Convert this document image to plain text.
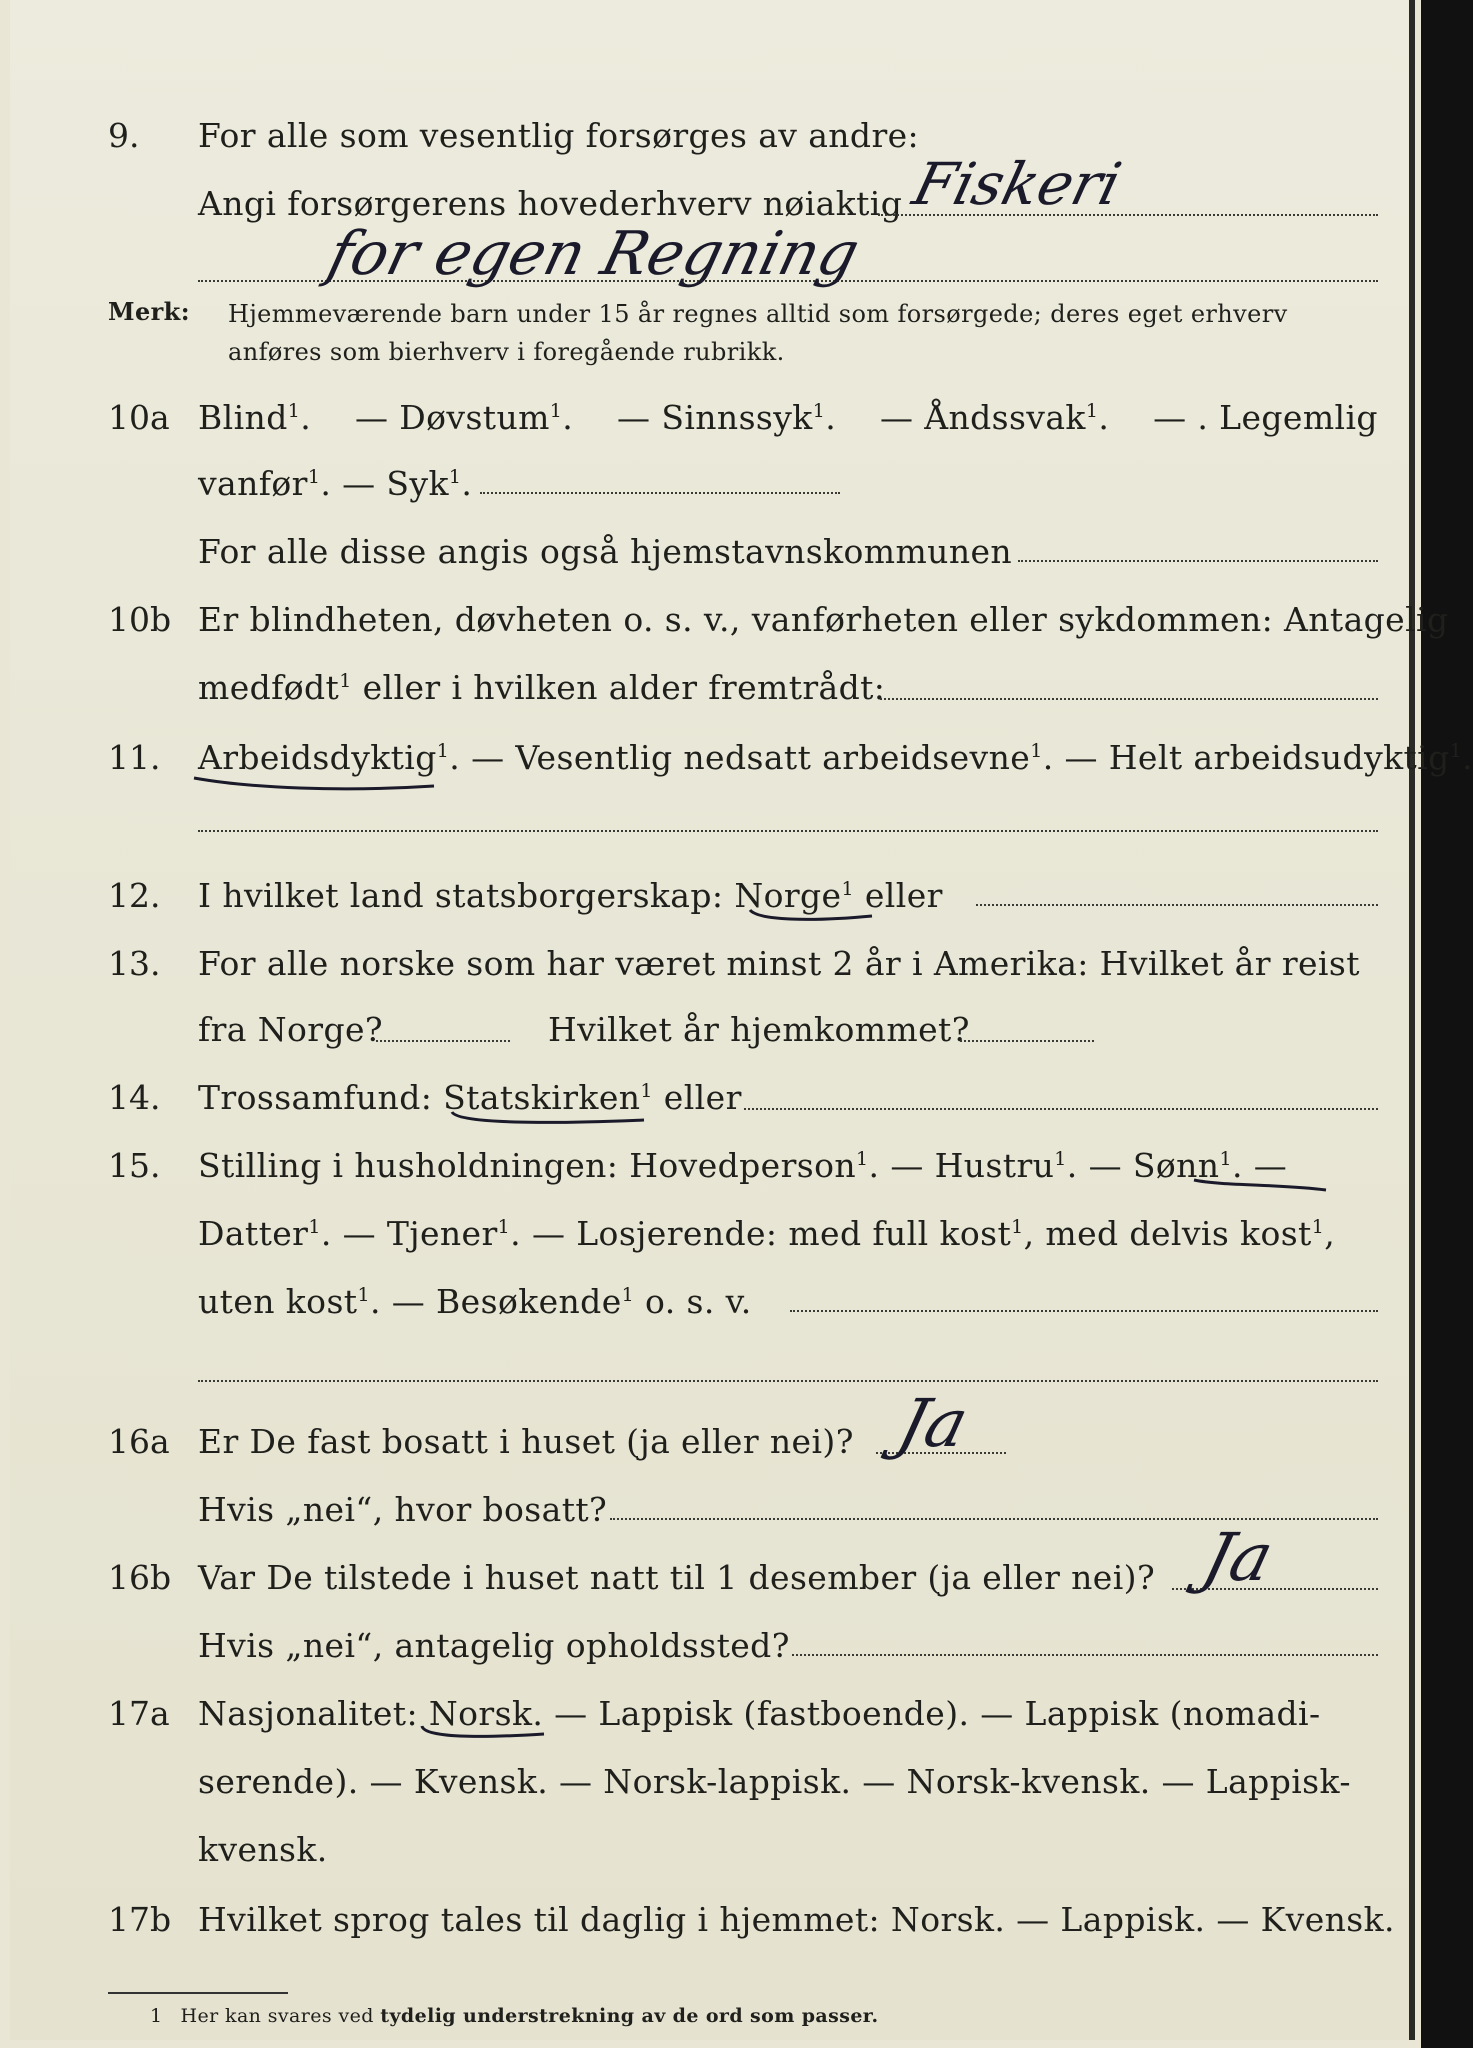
9. For alle som vesentlig forsørges av andre:
Angi forsørgerens hovederhverv nøiaktig Fiskeri
for egen Regning
Merk: Hjemmeværende barn under 15 år regnes alltid som forsørgede; deres eget erhverv
anføres som bierhverv i foregående rubrikk.
10a Blind$^1$. — Døvstum$^1$. — Sinnssyk$^1$. — Åndssvak$^1$. — . Legemlig
vanfør$^1$. — Syk$^1$.
For alle disse angis også hjemstavnskommunen
10b Er blindheten, døvheten o. s. v., vanførheten eller sykdommen: Antagelig
medfødt$^1$ eller i hvilken alder fremtrådt:
11. Arbeidsdyktig$^1$. — Vesentlig nedsatt arbeidsevne$^1$. — Helt arbeidsudyktig$^1$.
12. I hvilket land statsborgerskap: Norge$^1$ eller
13. For alle norske som har været minst 2 år i Amerika: Hvilket år reist
fra Norge?	Hvilket år hjemkommet?
14. Trossamfund: Statskirken$^1$ eller
15. Stilling i husholdningen: Hovedperson$^1$. — Hustru$^1$. — Sønn$^1$. —
Datter$^1$. — Tjener$^1$. — Losjerende: med full kost$^1$, med delvis kost$^1$,
uten kost$^1$. — Besøkende$^1$ o. s. v.
16a Er De fast bosatt i huset (ja eller nei)? Ja
Hvis „nei“, hvor bosatt?
16b Var De tilstede i huset natt til 1 desember (ja eller nei)? Ja
Hvis „nei“, antagelig opholdssted?
17a Nasjonalitet: Norsk. — Lappisk (fastboende). — Lappisk (nomadi-
serende). — Kvensk. — Norsk-lappisk. — Norsk-kvensk. — Lappisk-
kvensk.
17b Hvilket sprog tales til daglig i hjemmet: Norsk. — Lappisk. — Kvensk.
1 Her kan svares ved tydelig understrekning av de ord som passer.
